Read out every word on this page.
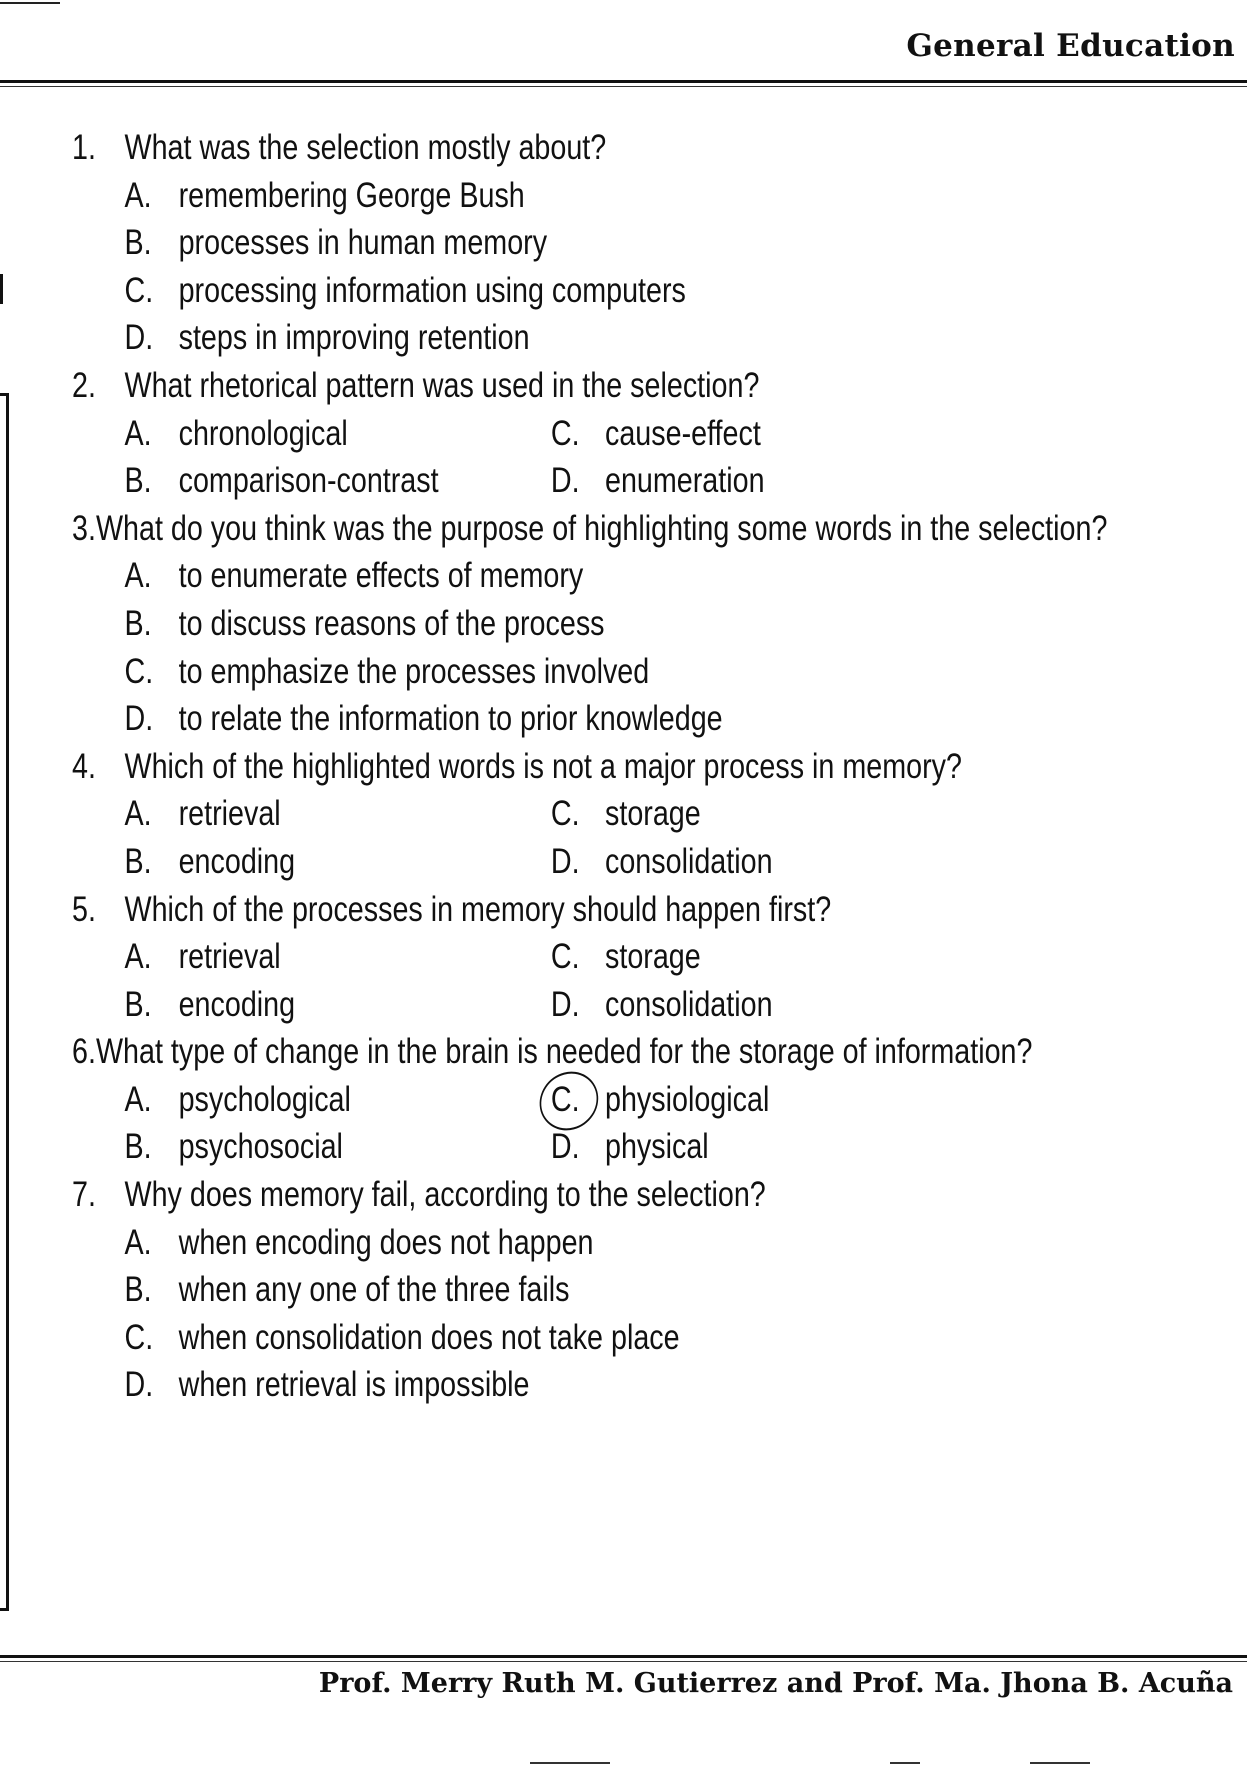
General Education
1. What was the selection mostly about?
A. remembering George Bush
B. processes in human memory
C. processing information using computers
D. steps in improving retention
2. What rhetorical pattern was used in the selection?
A. chronological	C. cause-effect
B. comparison-contrast	D. enumeration
3. What do you think was the purpose of highlighting some words in the selection?
A. to enumerate effects of memory
B. to discuss reasons of the process
C. to emphasize the processes involved
D. to relate the information to prior knowledge
4. Which of the highlighted words is not a major process in memory?
A. retrieval	C. storage
B. encoding	D. consolidation
5. Which of the processes in memory should happen first?
A. retrieval	C. storage
B. encoding	D. consolidation
6. What type of change in the brain is needed for the storage of information?
A. psychological	C. physiological
B. psychosocial	D. physical
7. Why does memory fail, according to the selection?
A. when encoding does not happen
B. when any one of the three fails
C. when consolidation does not take place
D. when retrieval is impossible
Prof. Merry Ruth M. Gutierrez and Prof. Ma. Jhona B. Acuña
